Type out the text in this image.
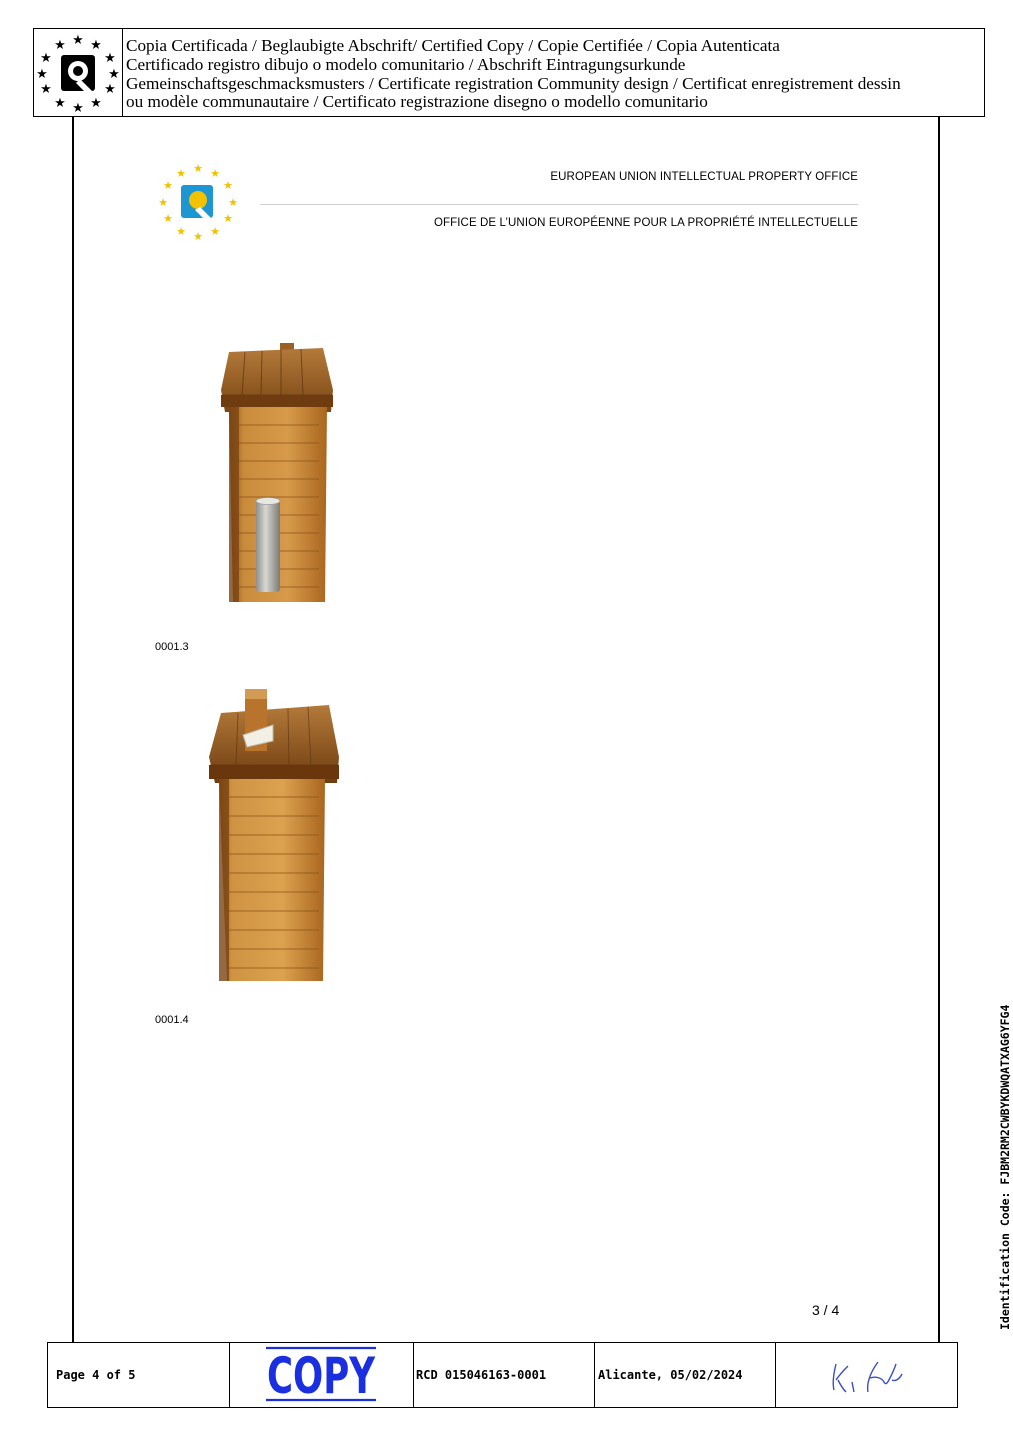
★ ★
★
★
★
★
★
★
★
★
★
★	Copia Certificada / Beglaubigte Abschrift/ Certified Copy / Copie Certifiée / Copia Autenticata
Certificado registro dibujo o modelo comunitario / Abschrift Eintragungsurkunde
Gemeinschaftsgeschmacksmusters / Certificate registration Community design / Certificat enregistrement dessin
ou modèle communautaire / Certificato registrazione disegno o modello comunitario
★ ★
★
★
★
★
★
★
★
★
★
★	EUROPEAN UNION INTELLECTUAL PROPERTY OFFICE
OFFICE DE L’UNION EUROPÉENNE POUR LA PROPRIÉTÉ INTELLECTUELLE
0001.3
0001.4
3 / 4
Page 4 of 5	RCD 015046163-0001	Alicante, 05/02/2024
COPY
Identification Code: FJBM2RM2CWBYKDWQATXAG6YFG4
